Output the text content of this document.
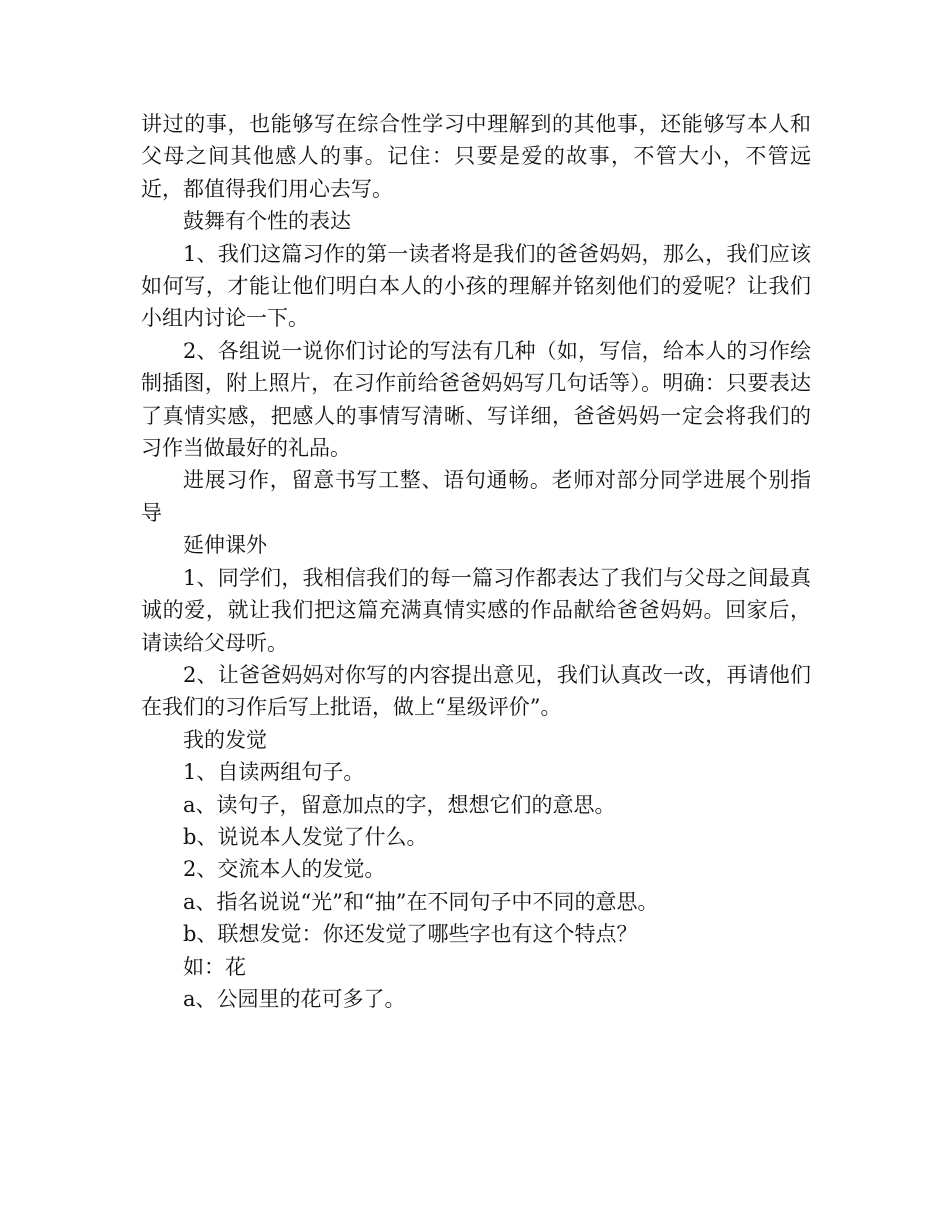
讲过的事，也能够写在综合性学习中理解到的其他事，还能够写本人和父母之间其他感人的事。记住：只要是爱的故事，不管大小，不管远近，都值得我们用心去写。

鼓舞有个性的表达

1、我们这篇习作的第一读者将是我们的爸爸妈妈，那么，我们应该如何写，才能让他们明白本人的小孩的理解并铭刻他们的爱呢？让我们小组内讨论一下。

2、各组说一说你们讨论的写法有几种（如，写信，给本人的习作绘制插图，附上照片，在习作前给爸爸妈妈写几句话等）。明确：只要表达了真情实感，把感人的事情写清晰、写详细，爸爸妈妈一定会将我们的习作当做最好的礼品。

进展习作，留意书写工整、语句通畅。老师对部分同学进展个别指导

延伸课外

1、同学们，我相信我们的每一篇习作都表达了我们与父母之间最真诚的爱，就让我们把这篇充满真情实感的作品献给爸爸妈妈。回家后，请读给父母听。

2、让爸爸妈妈对你写的内容提出意见，我们认真改一改，再请他们在我们的习作后写上批语，做上“星级评价”。

我的发觉

1、自读两组句子。

a、读句子，留意加点的字，想想它们的意思。

b、说说本人发觉了什么。

2、交流本人的发觉。

a、指名说说“光”和“抽”在不同句子中不同的意思。

b、联想发觉：你还发觉了哪些字也有这个特点？

如：花

a、公园里的花可多了。
